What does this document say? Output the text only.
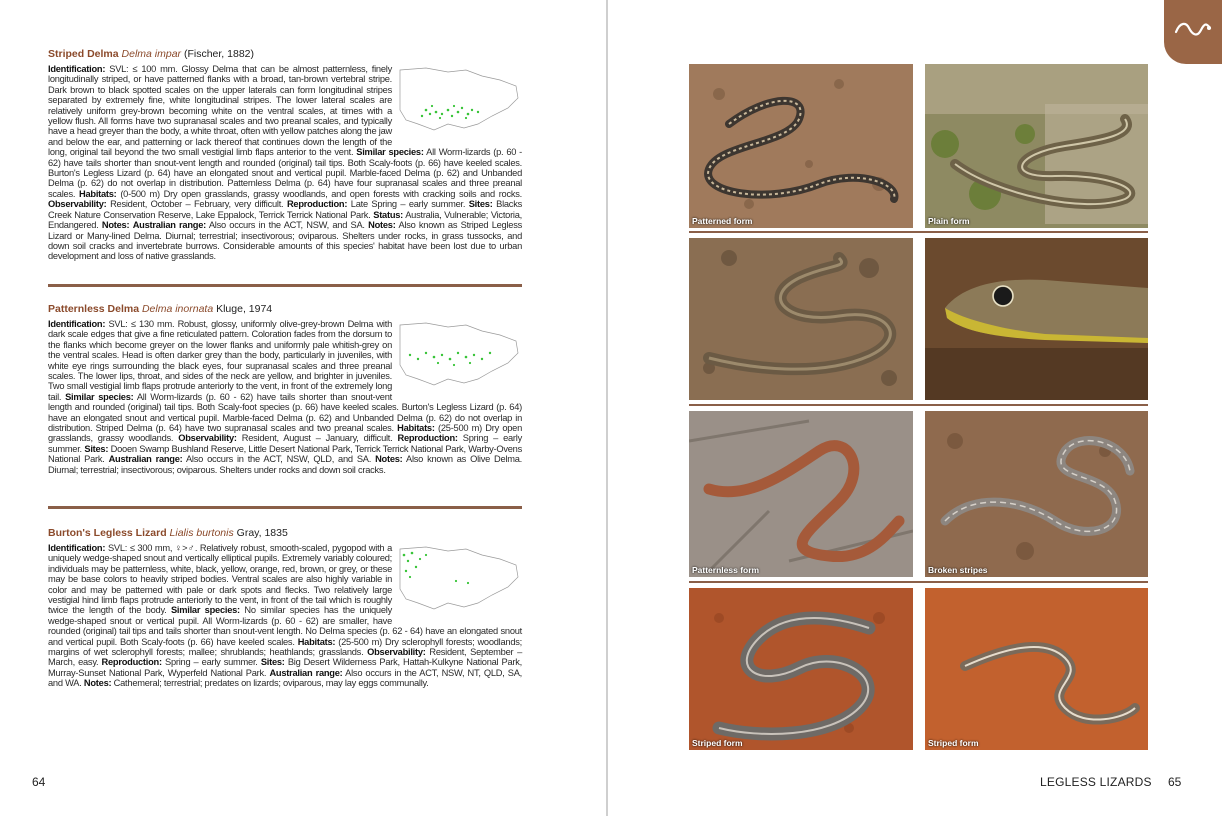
Striped Delma Delma impar (Fischer, 1882)
Identification: SVL: ≤ 100 mm. Glossy Delma that can be almost patternless, finely longitudinally striped, or have patterned flanks with a broad, tan-brown vertebral stripe. Dark brown to black spotted scales on the upper laterals can form longitudinal stripes separated by extremely fine, white longitudinal stripes. The lower lateral scales are relatively uniform grey-brown becoming white on the ventral scales, at times with a yellow flush. All forms have two supranasal scales and two preanal scales, and typically have a head greyer than the body, a white throat, often with yellow patches along the jaw and below the ear, and patterning or lack thereof that continues down the length of the long, original tail beyond the two small vestigial limb flaps anterior to the vent. Similar species: All Worm-lizards (p. 60 - 62) have tails shorter than snout-vent length and rounded (original) tail tips. Both Scaly-foots (p. 66) have keeled scales. Burton's Legless Lizard (p. 64) have an elongated snout and vertical pupil. Marble-faced Delma (p. 62) and Unbanded Delma (p. 62) do not overlap in distribution. Patternless Delma (p. 64) have four supranasal scales and three preanal scales. Habitats: (0-500 m) Dry open grasslands, grassy woodlands, and open forests with cracking soils and rocks. Observability: Resident, October – February, very difficult. Reproduction: Late Spring – early summer. Sites: Blacks Creek Nature Conservation Reserve, Lake Eppalock, Terrick Terrick National Park. Status: Australia, Vulnerable; Victoria, Endangered. Notes: Australian range: Also occurs in the ACT, NSW, and SA. Notes: Also known as Striped Legless Lizard or Many-lined Delma. Diurnal; terrestrial; insectivorous; oviparous. Shelters under rocks, in grass tussocks, and down soil cracks and invertebrate burrows. Considerable amounts of this species' habitat have been lost due to urban development and loss of native grasslands.
Patternless Delma Delma inornata Kluge, 1974
Identification: SVL: ≤ 130 mm. Robust, glossy, uniformly olive-grey-brown Delma with dark scale edges that give a fine reticulated pattern. Coloration fades from the dorsum to the flanks which become greyer on the lower flanks and uniformly pale whitish-grey on the ventral scales. Head is often darker grey than the body, particularly in juveniles, with white eye rings surrounding the black eyes, four supranasal scales and three preanal scales. The lower lips, throat, and sides of the neck are yellow, and brighter in juveniles. Two small vestigial limb flaps protrude anteriorly to the vent, in front of the extremely long tail. Similar species: All Worm-lizards (p. 60 - 62) have tails shorter than snout-vent length and rounded (original) tail tips. Both Scaly-foot species (p. 66) have keeled scales. Burton's Legless Lizard (p. 64) have an elongated snout and vertical pupil. Marble-faced Delma (p. 62) and Unbanded Delma (p. 62) do not overlap in distribution. Striped Delma (p. 64) have two supranasal scales and two preanal scales. Habitats: (25-500 m) Dry open grasslands, grassy woodlands. Observability: Resident, August – January, difficult. Reproduction: Spring – early summer. Sites: Dooen Swamp Bushland Reserve, Little Desert National Park, Terrick Terrick National Park, Warby-Ovens National Park. Australian range: Also occurs in the ACT, NSW, QLD, and SA. Notes: Also known as Olive Delma. Diurnal; terrestrial; insectivorous; oviparous. Shelters under rocks and down soil cracks.
Burton's Legless Lizard Lialis burtonis Gray, 1835
Identification: SVL: ≤ 300 mm, ♀>♂. Relatively robust, smooth-scaled, pygopod with a uniquely wedge-shaped snout and vertically elliptical pupils. Extremely variably coloured; individuals may be patternless, white, black, yellow, orange, red, brown, or grey, or these may be base colors to heavily striped bodies. Ventral scales are also highly variable in color and may be patterned with pale or dark spots and flecks. Two relatively large vestigial hind limb flaps protrude anteriorly to the vent, in front of the tail which is roughly twice the length of the body. Similar species: No similar species has the uniquely wedge-shaped snout or vertical pupil. All Worm-lizards (p. 60 - 62) are smaller, have rounded (original) tail tips and tails shorter than snout-vent length. No Delma species (p. 62 - 64) have an elongated snout and vertical pupil. Both Scaly-foots (p. 66) have keeled scales. Habitats: (25-500 m) Dry sclerophyll forests; woodlands; margins of wet sclerophyll forests; mallee; shrublands; heathlands; grasslands. Observability: Resident, September – March, easy. Reproduction: Spring – early summer. Sites: Big Desert Wilderness Park, Hattah-Kulkyne National Park, Murray-Sunset National Park, Wyperfeld National Park. Australian range: Also occurs in the ACT, NSW, NT, QLD, SA, and WA. Notes: Cathemeral; terrestrial; predates on lizards; oviparous, may lay eggs communally.
64
Patterned form	Plain form
Patternless form	Broken stripes
Striped form	Striped form
LEGLESS LIZARDS 65
